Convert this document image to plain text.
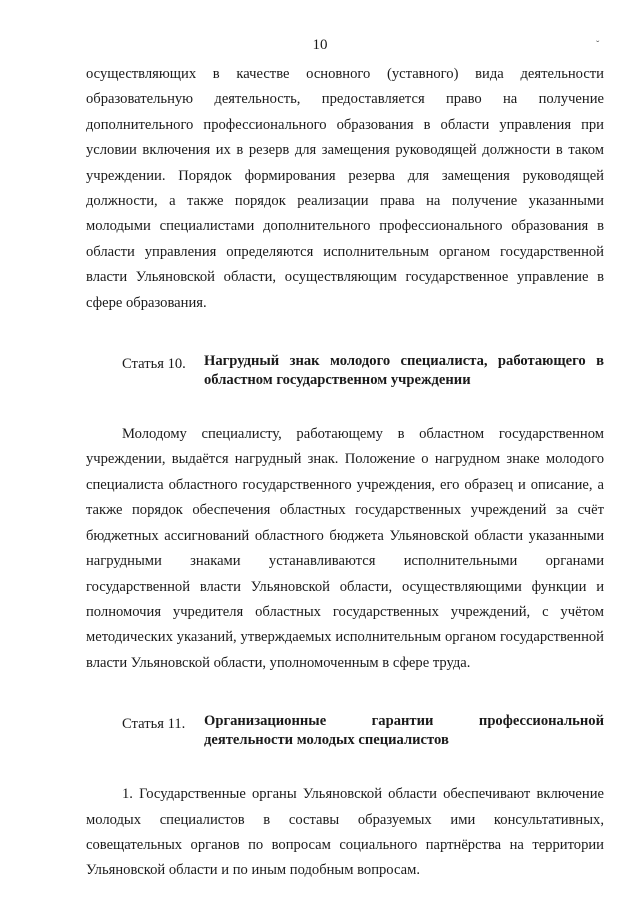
10	ˇ

осуществляющих в качестве основного (уставного) вида деятельности образовательную деятельность, предоставляется право на получение дополнительного профессионального образования в области управления при условии включения их в резерв для замещения руководящей должности в таком учреждении. Порядок формирования резерва для замещения руководящей должности, а также порядок реализации права на получение указанными молодыми специалистами дополнительного профессионального образования в области управления определяются исполнительным органом государственной власти Ульяновской области, осуществляющим государственное управление в сфере образования.

Статья 10.	Нагрудный знак молодого специалиста, работающего в областном государственном учреждении

Молодому специалисту, работающему в областном государственном учреждении, выдаётся нагрудный знак. Положение о нагрудном знаке молодого специалиста областного государственного учреждения, его образец и описание, а также порядок обеспечения областных государственных учреждений за счёт бюджетных ассигнований областного бюджета Ульяновской области указанными нагрудными знаками устанавливаются исполнительными органами государственной власти Ульяновской области, осуществляющими функции и полномочия учредителя областных государственных учреждений, с учётом методических указаний, утверждаемых исполнительным органом государственной власти Ульяновской области, уполномоченным в сфере труда.

Статья 11.	Организационные гарантии профессиональной деятельности молодых специалистов

1. Государственные органы Ульяновской области обеспечивают включение молодых специалистов в составы образуемых ими консультативных, совещательных органов по вопросам социального партнёрства на территории Ульяновской области и по иным подобным вопросам.
